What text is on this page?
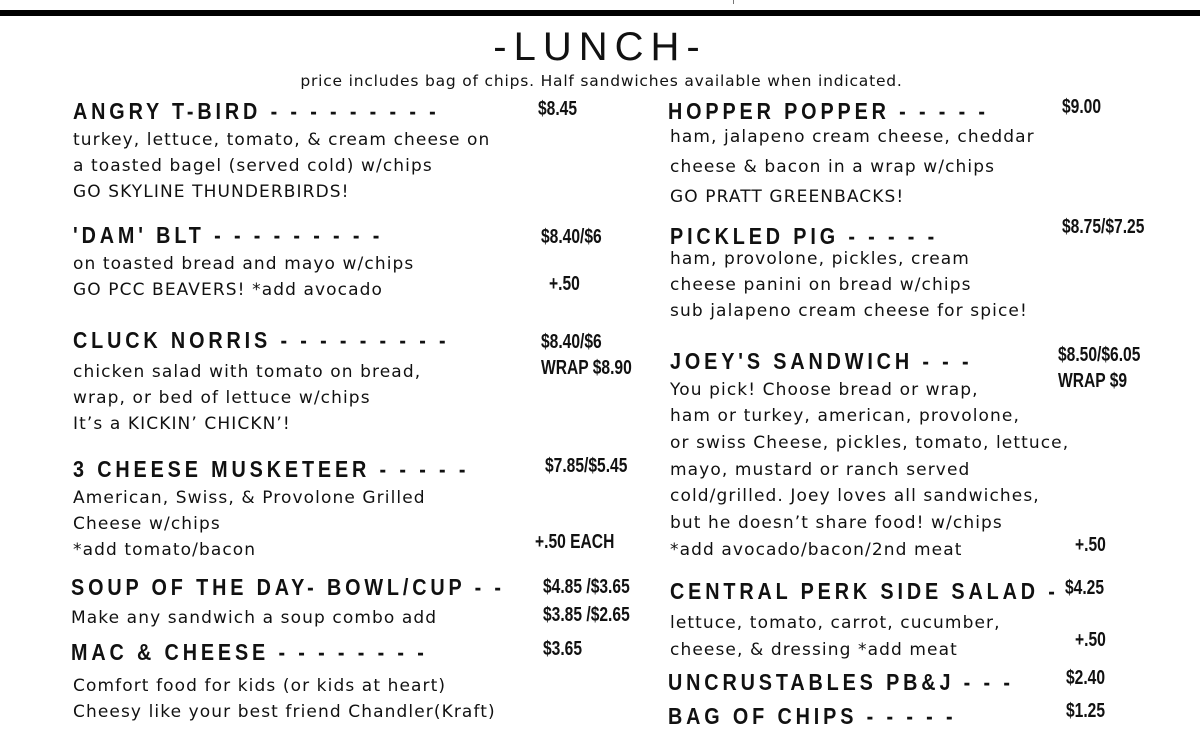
-LUNCH-
price includes bag of chips. Half sandwiches available when indicated.
ANGRY T-BIRD - - - - - - - - -	$8.45
turkey, lettuce, tomato, & cream cheese on
a toasted bagel (served cold) w/chips
GO SKYLINE THUNDERBIRDS!
'DAM' BLT - - - - - - - - -	$8.40/$6
on toasted bread and mayo w/chips
GO PCC BEAVERS! *add avocado	+.50
CLUCK NORRIS - - - - - - - - -	$8.40/$6
WRAP $8.90
chicken salad with tomato on bread,
wrap, or bed of lettuce w/chips
It’s a KICKIN’ CHICKN’!
3 CHEESE MUSKETEER - - - - -	$7.85/$5.45
American, Swiss, & Provolone Grilled
Cheese w/chips
*add tomato/bacon	+.50 EACH
SOUP OF THE DAY- BOWL/CUP - - $4.85 /$3.65
Make any sandwich a soup combo add	$3.85 /$2.65
MAC & CHEESE - - - - - - - -	$3.65
Comfort food for kids (or kids at heart)
Cheesy like your best friend Chandler(Kraft)
HOPPER POPPER - - - - -	$9.00
ham, jalapeno cream cheese, cheddar
cheese & bacon in a wrap w/chips
GO PRATT GREENBACKS!
PICKLED PIG - - - - -	$8.75/$7.25
ham, provolone, pickles, cream
cheese panini on bread w/chips
sub jalapeno cream cheese for spice!
JOEY'S SANDWICH - - -	$8.50/$6.05
WRAP $9
You pick! Choose bread or wrap,
ham or turkey, american, provolone,
or swiss Cheese, pickles, tomato, lettuce,
mayo, mustard or ranch served
cold/grilled. Joey loves all sandwiches,
but he doesn’t share food! w/chips
*add avocado/bacon/2nd meat	+.50
CENTRAL PERK SIDE SALAD - $4.25
lettuce, tomato, carrot, cucumber,
cheese, & dressing *add meat	+.50
UNCRUSTABLES PB&J - - -	$2.40
BAG OF CHIPS - - - - -	$1.25
